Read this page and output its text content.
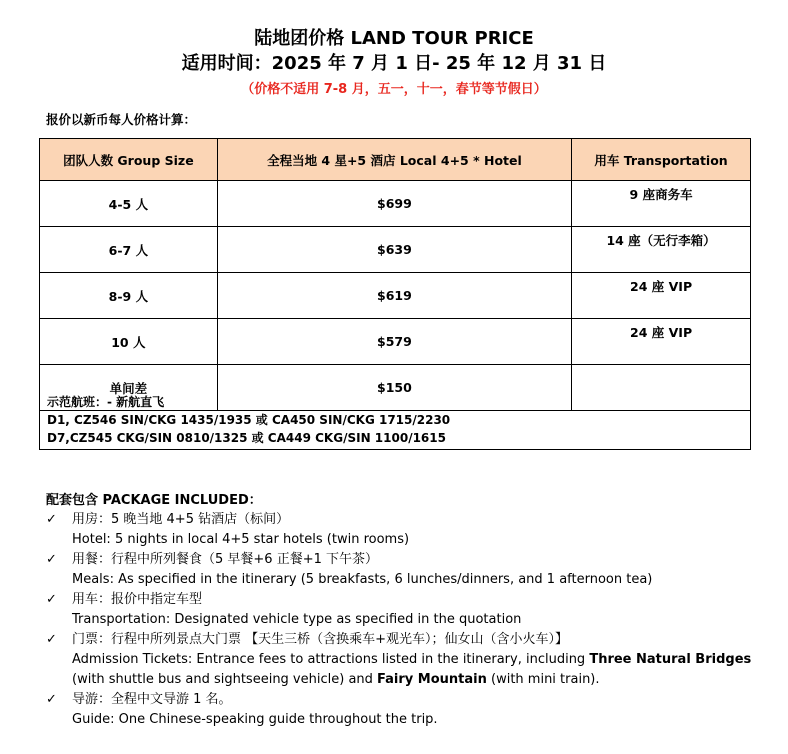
陆地团价格 LAND TOUR PRICE
适用时间：2025 年 7 月 1 日- 25 年 12 月 31 日
（价格不适用 7-8 月，五一，十一，春节等节假日）
报价以新币每人价格计算：
团队人数 Group Size	全程当地 4 星+5 酒店 Local 4+5 * Hotel	用车 Transportation
4-5 人	$699	9 座商务车
6-7 人	$639	14 座（无行李箱）
8-9 人	$619	24 座 VIP
10 人	$579	24 座 VIP
单间差	$150	
示范航班：- 新航直飞
D1, CZ546 SIN/CKG 1435/1935 或 CA450 SIN/CKG 1715/2230
D7,CZ545 CKG/SIN 0810/1325 或 CA449 CKG/SIN 1100/1615
配套包含 PACKAGE INCLUDED：
✓ 用房：5 晚当地 4+5 钻酒店（标间）
Hotel: 5 nights in local 4+5 star hotels (twin rooms)
✓ 用餐：行程中所列餐食（5 早餐+6 正餐+1 下午茶）
Meals: As specified in the itinerary (5 breakfasts, 6 lunches/dinners, and 1 afternoon tea)
✓ 用车：报价中指定车型
Transportation: Designated vehicle type as specified in the quotation
✓ 门票：行程中所列景点大门票 【天生三桥（含换乘车+观光车）；仙女山（含小火车）】
Admission Tickets: Entrance fees to attractions listed in the itinerary, including Three Natural Bridges
(with shuttle bus and sightseeing vehicle) and Fairy Mountain (with mini train).
✓ 导游：全程中文导游 1 名。
Guide: One Chinese-speaking guide throughout the trip.
